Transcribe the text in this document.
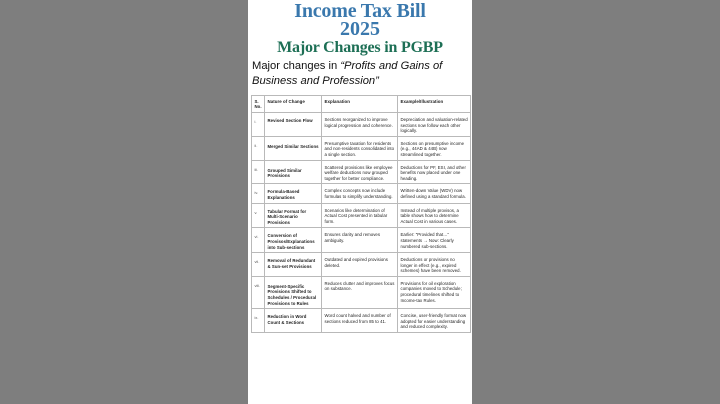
Income Tax Bill
2025
Major Changes in PGBP
Major changes in “Profits and Gains of Business and Profession”
S. No.	Nature of Change	Explanation	Example/Illustration
i.	Revised Section Flow	Sections reorganized to improve logical progression and coherence.	Depreciation and valuation-related sections now follow each other logically.
ii.	Merged Similar Sections	Presumptive taxation for residents and non-residents consolidated into a single section.	Sections on presumptive income (e.g., 44AD & 44B) now streamlined together.
iii.	Grouped Similar Provisions	Scattered provisions like employee welfare deductions now grouped together for better compliance.	Deductions for PF, ESI, and other benefits now placed under one heading.
iv.	Formula-Based Explanations	Complex concepts now include formulas to simplify understanding.	Written-down Value (WDV) now defined using a standard formula.
v.	Tabular Format for Multi-Scenario Provisions	Scenarios like determination of Actual Cost presented in tabular form.	Instead of multiple provisos, a table shows how to determine Actual Cost in various cases.
vi.	Conversion of Provisos/Explanations into Sub-sections	Ensures clarity and removes ambiguity.	Earlier: “Provided that…” statements → Now: Clearly numbered sub-sections.
vii.	Removal of Redundant & Sun-set Provisions	Outdated and expired provisions deleted.	Deductions or provisions no longer in effect (e.g., expired schemes) have been removed.
viii.	Segment-Specific Provisions Shifted to Schedules / Procedural Provisions to Rules	Reduces clutter and improves focus on substance.	Provisions for oil exploration companies moved to Schedule; procedural timelines shifted to Income-tax Rules.
ix.	Reduction in Word Count & Sections	Word count halved and number of sections reduced from 85 to 41.	Concise, user-friendly format now adopted for easier understanding and reduced complexity.
